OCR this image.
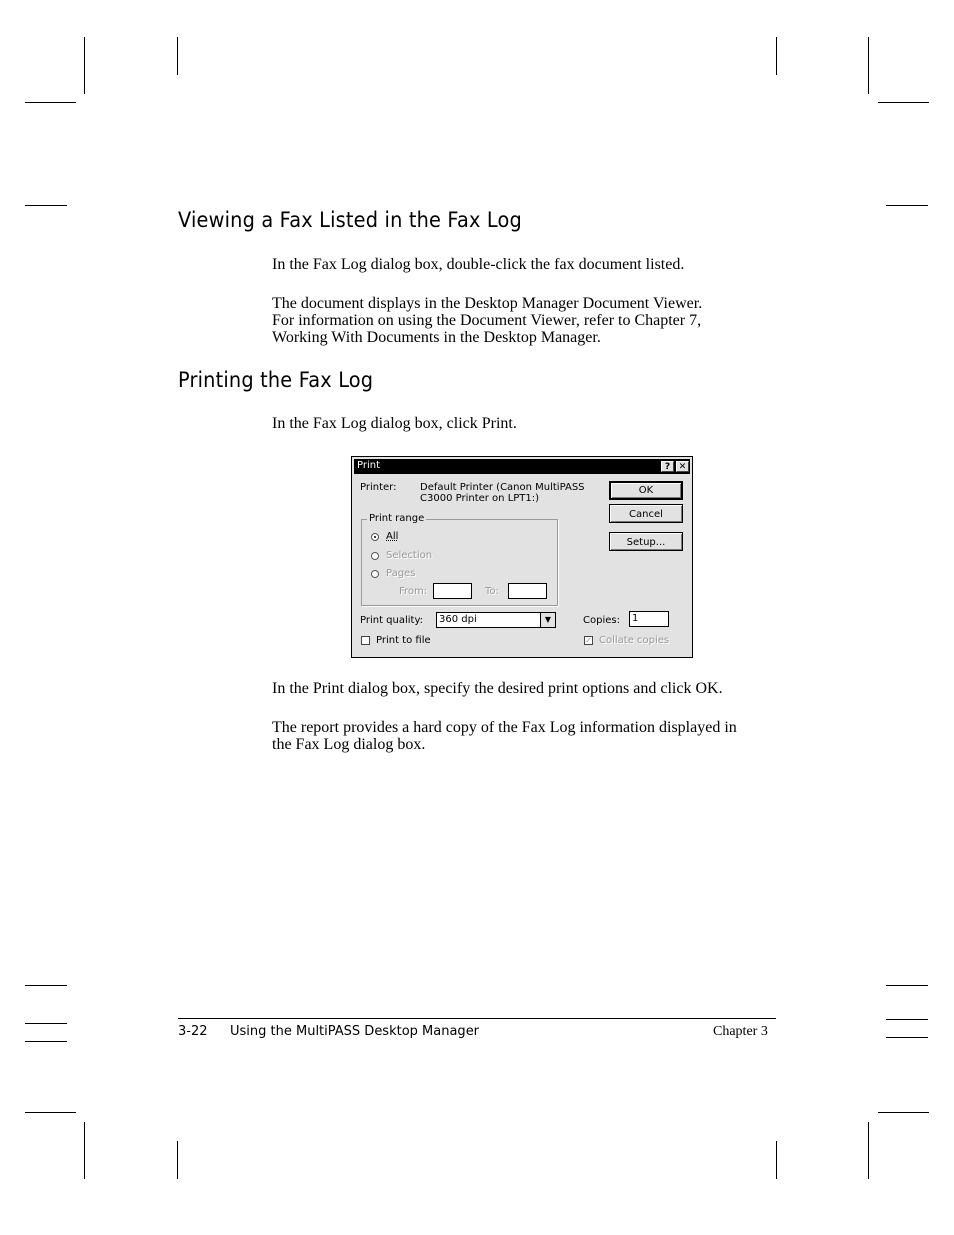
Viewing a Fax Listed in the Fax Log

In the Fax Log dialog box, double-click the fax document listed.

The document displays in the Desktop Manager Document Viewer.
For information on using the Document Viewer, refer to Chapter 7,
Working With Documents in the Desktop Manager.

Printing the Fax Log

In the Fax Log dialog box, click Print.

Print	? ✕
Printer: Default Printer (Canon MultiPASS
C3000 Printer on LPT1:)
OK
Cancel
Setup...
Print range
All
Selection
Pages
From:	To:
Print quality:	360 dpi	▼	Copies:	1
Print to file	✓ Collate copies

In the Print dialog box, specify the desired print options and click OK.

The report provides a hard copy of the Fax Log information displayed in
the Fax Log dialog box.

3-22 Using the MultiPASS Desktop Manager	Chapter 3
